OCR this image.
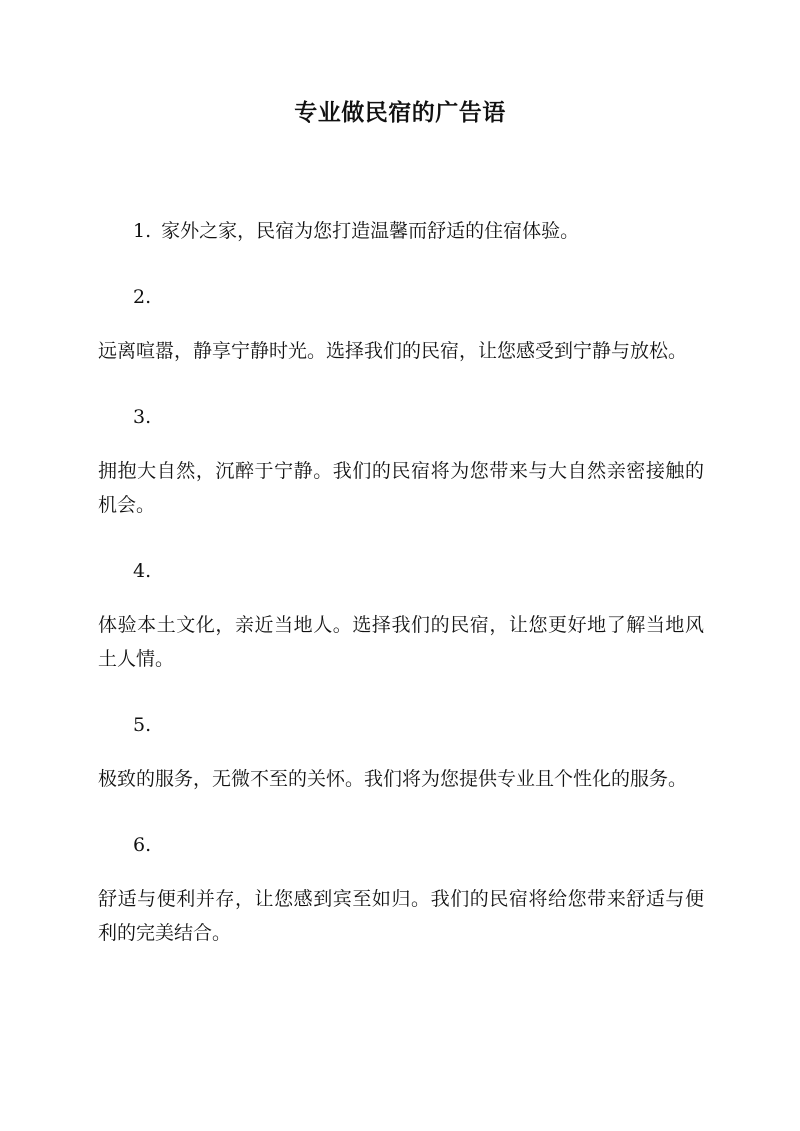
专业做民宿的广告语

1. 家外之家，民宿为您打造温馨而舒适的住宿体验。

2.

远离喧嚣，静享宁静时光。选择我们的民宿，让您感受到宁静与放松。

3.

拥抱大自然，沉醉于宁静。我们的民宿将为您带来与大自然亲密接触的机会。

4.

体验本土文化，亲近当地人。选择我们的民宿，让您更好地了解当地风土人情。

5.

极致的服务，无微不至的关怀。我们将为您提供专业且个性化的服务。

6.

舒适与便利并存，让您感到宾至如归。我们的民宿将给您带来舒适与便利的完美结合。
